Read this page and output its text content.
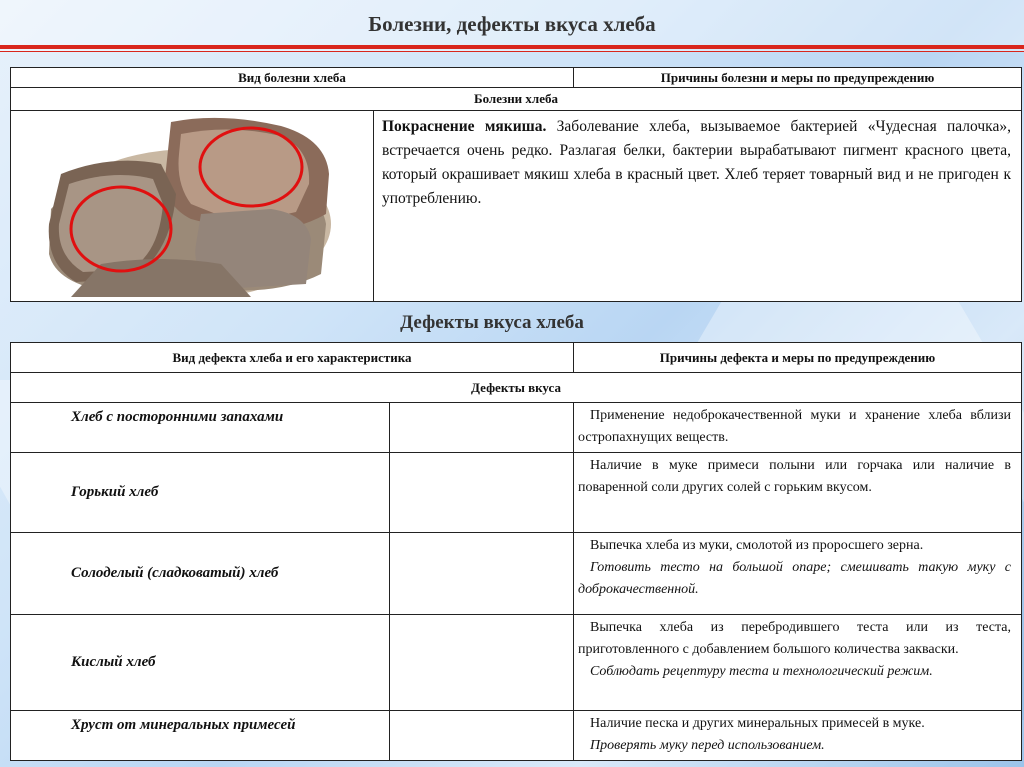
Болезни, дефекты вкуса хлеба
Вид болезни хлеба	Причины болезни и меры по предупреждению
Болезни хлеба

Покраснение мякиша. Заболевание хлеба, вызываемое бактерией «Чудесная палочка», встречается очень редко. Разлагая белки, бактерии вырабатывают пигмент красного цвета, который окрашивает мякиш хлеба в красный цвет. Хлеб теряет товарный вид и не пригоден к употреблению.
Дефекты вкуса хлеба
Вид дефекта хлеба и его характеристика		Причины дефекта и меры по предупреждению
Дефекты вкуса		
Хлеб с посторонними запахами		Применение недоброкачественной муки и хранение хлеба вблизи остропахнущих веществ.

Горький хлеб		Наличие в муке примеси полыни или горчака или наличие в поваренной соли других солей с горьким вкусом.

Солоделый (сладковатый) хлеб		Выпечка хлеба из муки, смолотой из проросшего зерна.

Готовить тесто на большой опаре; смешивать такую муку с доброкачественной.

Кислый хлеб		Выпечка хлеба из перебродившего теста или из теста, приготовленного с добавлением большого количества закваски.

Соблюдать рецептуру теста и технологический режим.

Хруст от минеральных примесей		Наличие песка и других минеральных примесей в муке.

Проверять муку перед использованием.
